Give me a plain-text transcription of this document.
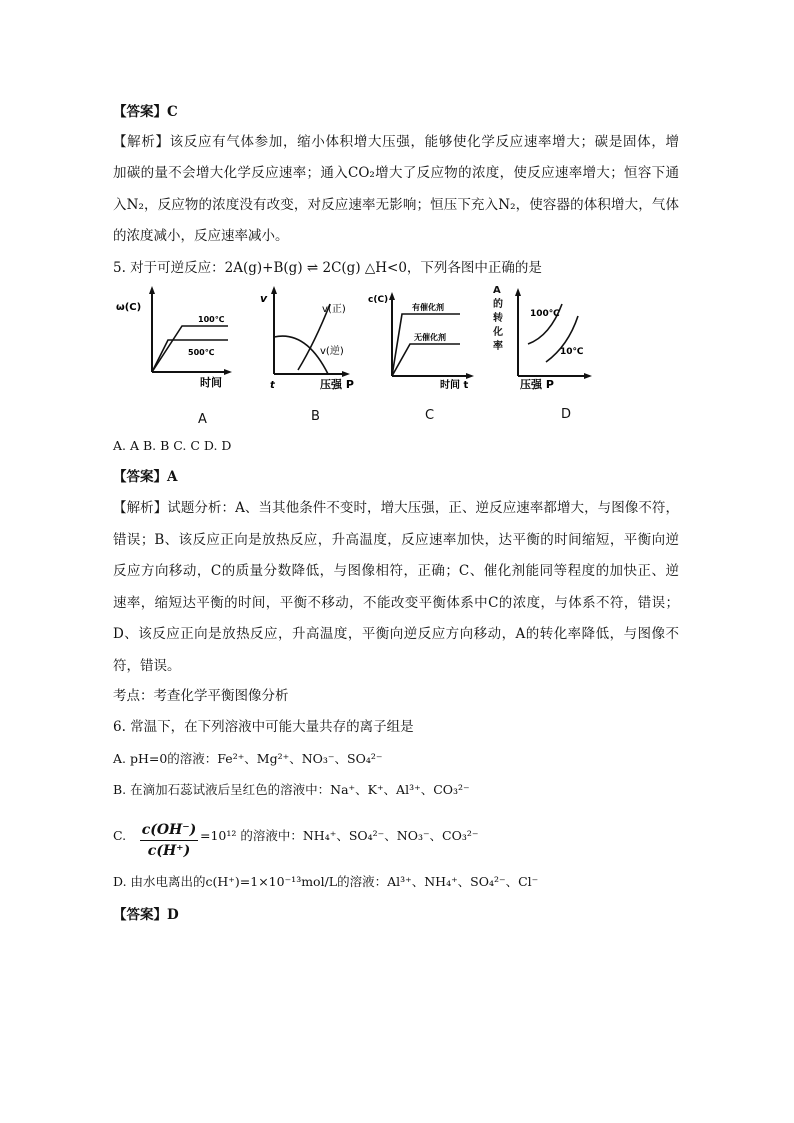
【答案】C
【解析】该反应有气体参加，缩小体积增大压强，能够使化学反应速率增大；碳是固体，增
加碳的量不会增大化学反应速率；通入CO₂增大了反应物的浓度，使反应速率增大；恒容下通
入N₂，反应物的浓度没有改变，对反应速率无影响；恒压下充入N₂，使容器的体积增大，气体
的浓度减小，反应速率减小。
5. 对于可逆反应：2A(g)+B(g) ⇌ 2C(g) △H<0，下列各图中正确的是
ω(C)
100℃
500℃
时间
v
v(正)
v(逆)
t	压强 P
c(C)
有催化剂
无催化剂
时间 t
100℃
10℃
压强 P
A的转化率
A	B	C	D
A. A B. B C. C D. D
【答案】A
【解析】试题分析：A、当其他条件不变时，增大压强，正、逆反应速率都增大，与图像不符，
错误；B、该反应正向是放热反应，升高温度，反应速率加快，达平衡的时间缩短，平衡向逆
反应方向移动，C的质量分数降低，与图像相符，正确；C、催化剂能同等程度的加快正、逆
速率，缩短达平衡的时间，平衡不移动，不能改变平衡体系中C的浓度，与体系不符，错误；
D、该反应正向是放热反应，升高温度，平衡向逆反应方向移动，A的转化率降低，与图像不
符，错误。
考点：考查化学平衡图像分析
6. 常温下，在下列溶液中可能大量共存的离子组是
A. pH=0的溶液：Fe²⁺、Mg²⁺、NO₃⁻、SO₄²⁻
B. 在滴加石蕊试液后呈红色的溶液中：Na⁺、K⁺、Al³⁺、CO₃²⁻
C. c(OH⁻)
c(H⁺)
=10¹² 的溶液中：NH₄⁺、SO₄²⁻、NO₃⁻、CO₃²⁻
D. 由水电离出的c(H⁺)=1×10⁻¹³mol/L的溶液：Al³⁺、NH₄⁺、SO₄²⁻、Cl⁻
【答案】D
